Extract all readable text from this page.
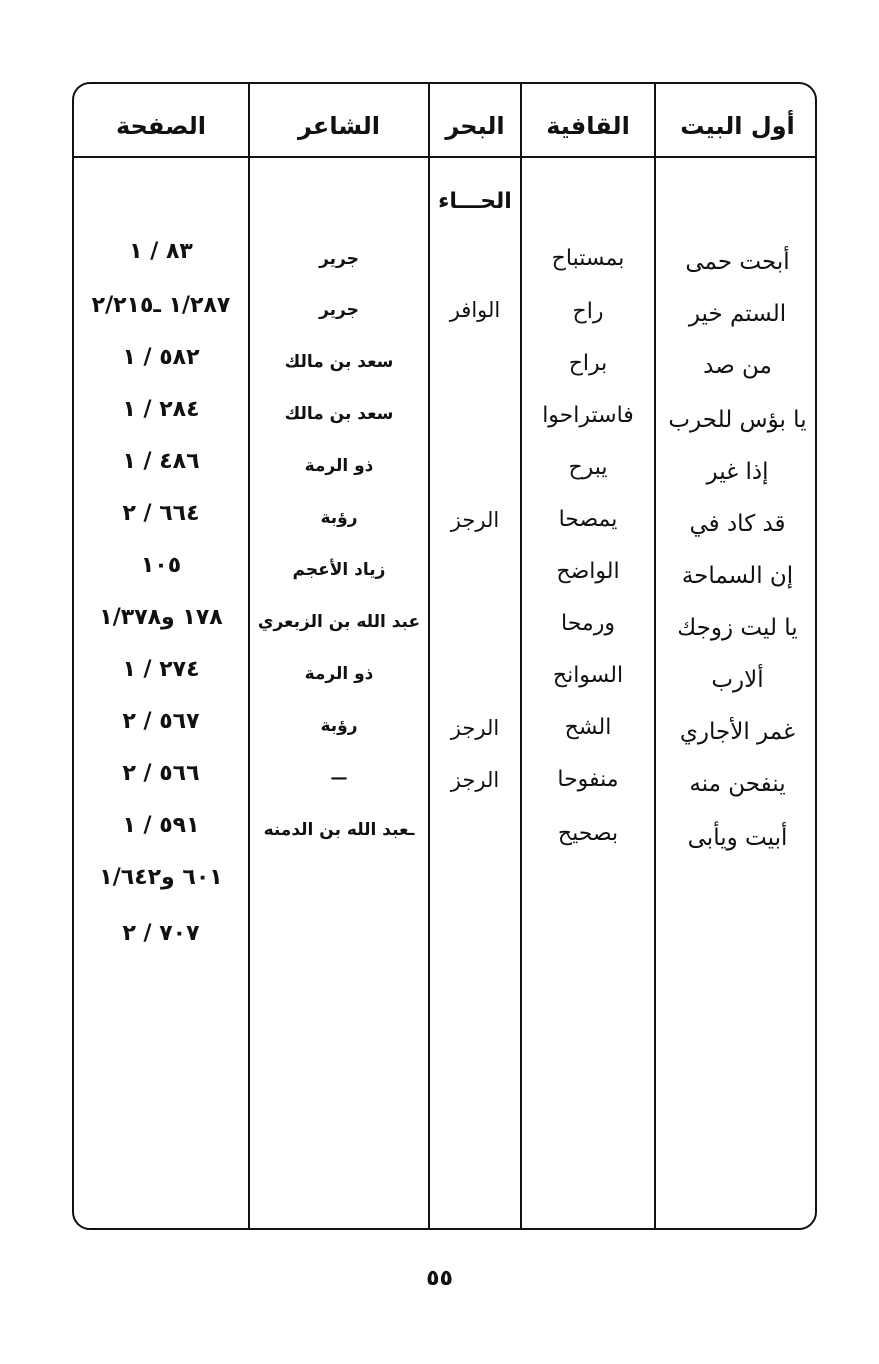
أول البيت
القافية
البحر
الشاعر
الصفحة
الحـــاء
أبحت حمى
بمستباح
جرير
٨٣ / ١
الستم خير
راح
الوافر
جرير
١/٢٨٧ ـ٢/٢١٥
من صد
براح
سعد بن مالك
٥٨٢ / ١
يا بؤس للحرب
فاستراحوا
سعد بن مالك
٢٨٤ / ١
إذا غير
يبرح
ذو الرمة
٤٨٦ / ١
قد كاد في
يمصحا
الرجز
رؤبة
٦٦٤ / ٢
إن السماحة
الواضح
زياد الأعجم
١٠٥
يا ليت زوجك
ورمحا
عبد الله بن الزبعري
١٧٨ و١/٣٧٨
ألارب
السوانح
ذو الرمة
٢٧٤ / ١
غمر الأجاري
الشح
الرجز
رؤبة
٥٦٧ / ٢
ينفحن منه
منفوحا
الرجز
—
٥٦٦ / ٢
أبيت ويأبى
بصحيح
ـعبد الله بن الدمنه
٥٩١ / ١
٦٠١ و١/٦٤٢
٧٠٧ / ٢
٥٥
